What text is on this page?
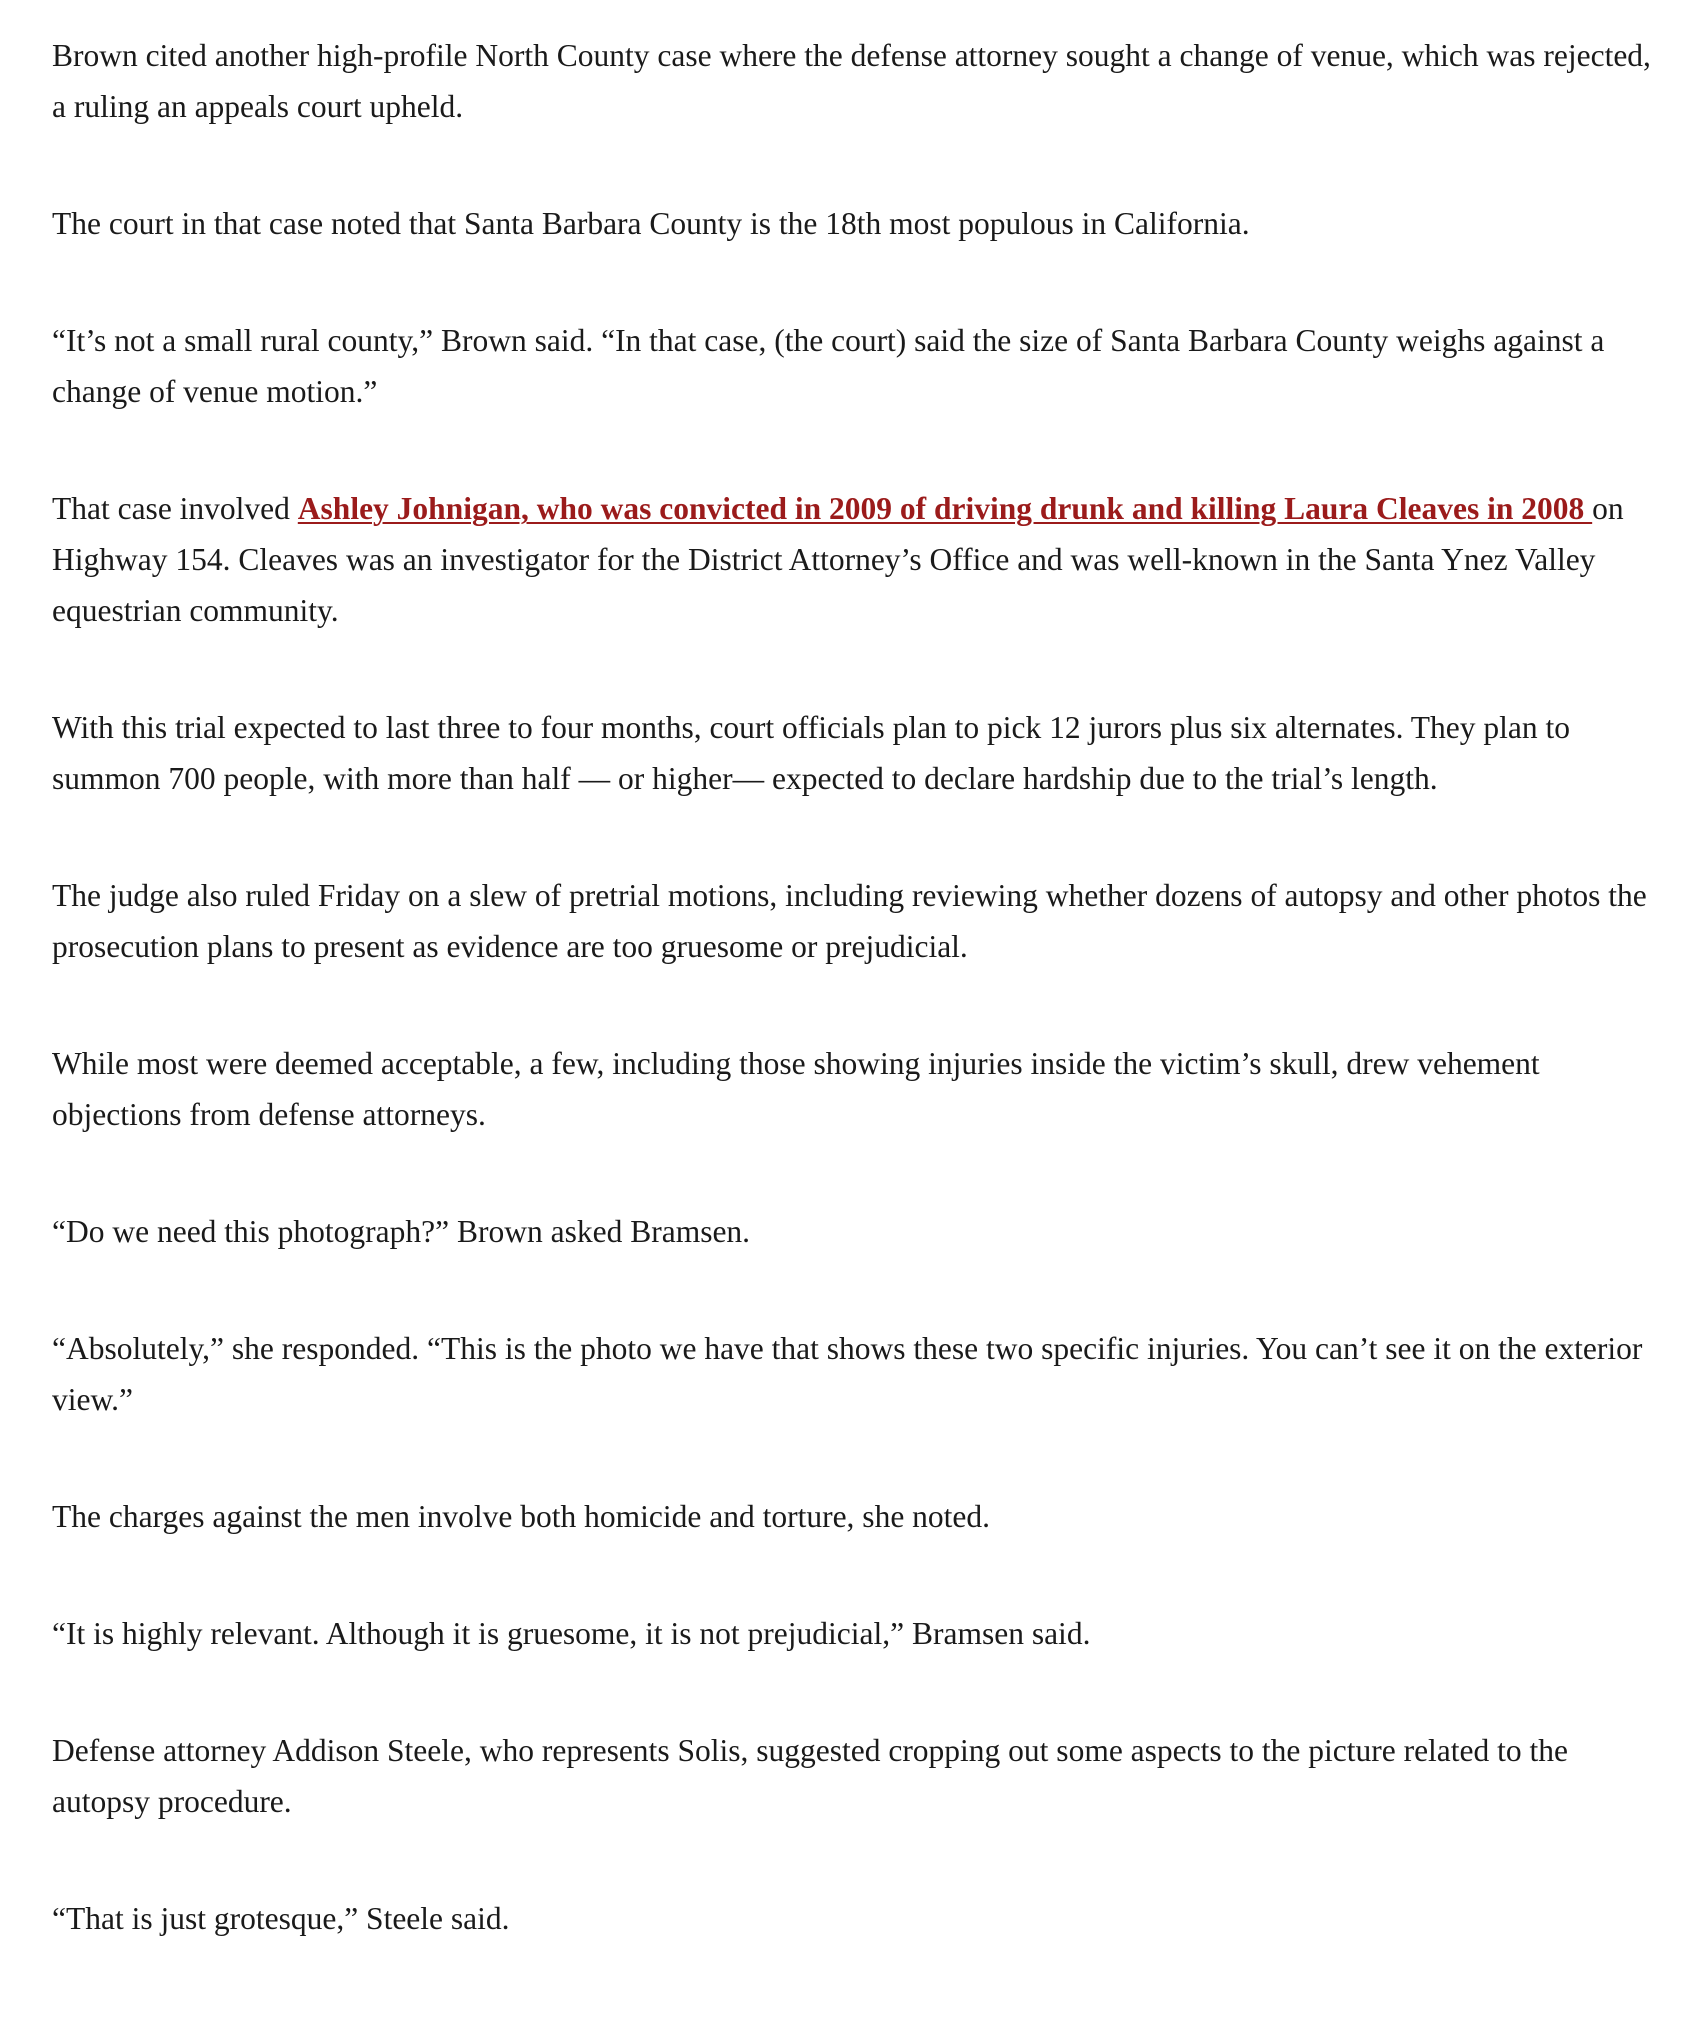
Brown cited another high-profile North County case where the defense attorney sought a change of venue, which was rejected, a ruling an appeals court upheld.

The court in that case noted that Santa Barbara County is the 18th most populous in California.

“It’s not a small rural county,” Brown said. “In that case, (the court) said the size of Santa Barbara County weighs against a change of venue motion.”

That case involved Ashley Johnigan, who was convicted in 2009 of driving drunk and killing Laura Cleaves in 2008 on Highway 154. Cleaves was an investigator for the District Attorney’s Office and was well-known in the Santa Ynez Valley equestrian community.

With this trial expected to last three to four months, court officials plan to pick 12 jurors plus six alternates. They plan to summon 700 people, with more than half — or higher— expected to declare hardship due to the trial’s length.

The judge also ruled Friday on a slew of pretrial motions, including reviewing whether dozens of autopsy and other photos the prosecution plans to present as evidence are too gruesome or prejudicial.

While most were deemed acceptable, a few, including those showing injuries inside the victim’s skull, drew vehement objections from defense attorneys.

“Do we need this photograph?” Brown asked Bramsen.

“Absolutely,” she responded. “This is the photo we have that shows these two specific injuries. You can’t see it on the exterior view.”

The charges against the men involve both homicide and torture, she noted.

“It is highly relevant. Although it is gruesome, it is not prejudicial,” Bramsen said.

Defense attorney Addison Steele, who represents Solis, suggested cropping out some aspects to the picture related to the autopsy procedure.

“That is just grotesque,” Steele said.
